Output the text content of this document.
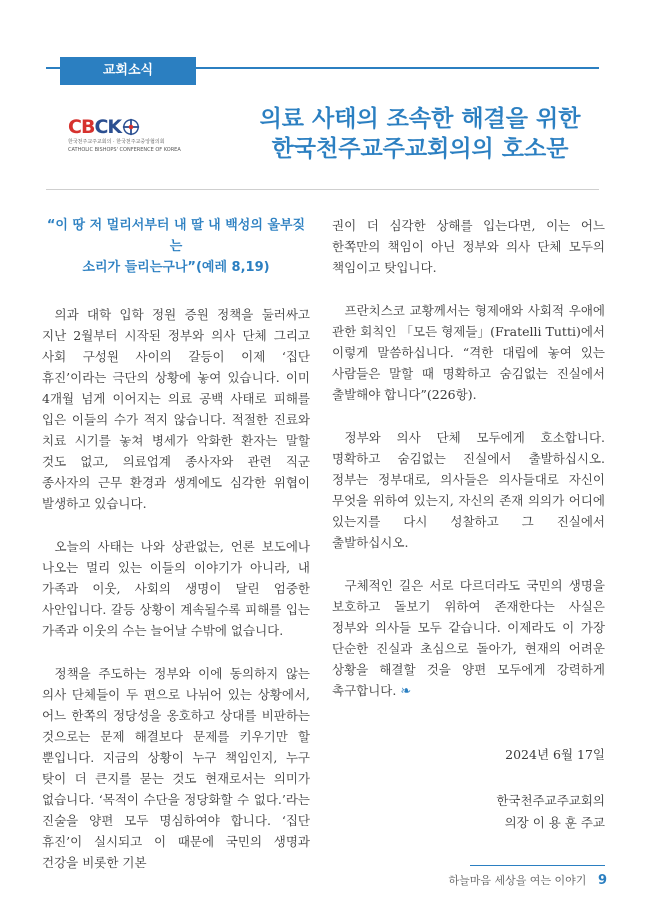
교회소식
CBCK
한국천주교주교회의 · 한국천주교중앙협의회
CATHOLIC BISHOPS' CONFERENCE OF KOREA
의료 사태의 조속한 해결을 위한
한국천주교주교회의의 호소문
“이 땅 저 멀리서부터 내 딸 내 백성의 울부짖는
소리가 들리는구나”(예레 8,19)

의과 대학 입학 정원 증원 정책을 둘러싸고 지난 2월부터 시작된 정부와 의사 단체 그리고 사회 구성원 사이의 갈등이 이제 ‘집단 휴진’이라는 극단의 상황에 놓여 있습니다. 이미 4개월 넘게 이어지는 의료 공백 사태로 피해를 입은 이들의 수가 적지 않습니다. 적절한 진료와 치료 시기를 놓쳐 병세가 악화한 환자는 말할 것도 없고, 의료업계 종사자와 관련 직군 종사자의 근무 환경과 생계에도 심각한 위협이 발생하고 있습니다.

오늘의 사태는 나와 상관없는, 언론 보도에나 나오는 멀리 있는 이들의 이야기가 아니라, 내 가족과 이웃, 사회의 생명이 달린 엄중한 사안입니다. 갈등 상황이 계속될수록 피해를 입는 가족과 이웃의 수는 늘어날 수밖에 없습니다.

정책을 주도하는 정부와 이에 동의하지 않는 의사 단체들이 두 편으로 나뉘어 있는 상황에서, 어느 한쪽의 정당성을 옹호하고 상대를 비판하는 것으로는 문제 해결보다 문제를 키우기만 할 뿐입니다. 지금의 상황이 누구 책임인지, 누구 탓이 더 큰지를 묻는 것도 현재로서는 의미가 없습니다. ‘목적이 수단을 정당화할 수 없다.’라는 진술을 양편 모두 명심하여야 합니다. ‘집단 휴진’이 실시되고 이 때문에 국민의 생명과 건강을 비롯한 기본

권이 더 심각한 상해를 입는다면, 이는 어느 한쪽만의 책임이 아닌 정부와 의사 단체 모두의 책임이고 탓입니다.

프란치스코 교황께서는 형제애와 사회적 우애에 관한 회칙인 「모든 형제들」(Fratelli Tutti)에서 이렇게 말씀하십니다. “격한 대립에 놓여 있는 사람들은 말할 때 명확하고 숨김없는 진실에서 출발해야 합니다”(226항).

정부와 의사 단체 모두에게 호소합니다. 명확하고 숨김없는 진실에서 출발하십시오. 정부는 정부대로, 의사들은 의사들대로 자신이 무엇을 위하여 있는지, 자신의 존재 의의가 어디에 있는지를 다시 성찰하고 그 진실에서 출발하십시오.

구체적인 길은 서로 다르더라도 국민의 생명을 보호하고 돌보기 위하여 존재한다는 사실은 정부와 의사들 모두 같습니다. 이제라도 이 가장 단순한 진실과 초심으로 돌아가, 현재의 어려운 상황을 해결할 것을 양편 모두에게 강력하게 촉구합니다. ❧

2024년 6월 17일
한국천주교주교회의
의장 이 용 훈 주교
하늘마음 세상을 여는 이야기 9
